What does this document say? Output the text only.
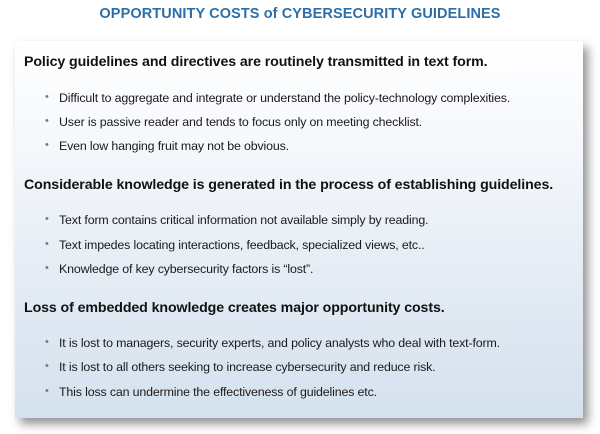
OPPORTUNITY COSTS of CYBERSECURITY GUIDELINES
Policy guidelines and directives are routinely transmitted in text form.
• Difficult to aggregate and integrate or understand the policy-technology complexities.
• User is passive reader and tends to focus only on meeting checklist.
• Even low hanging fruit may not be obvious.
Considerable knowledge is generated in the process of establishing guidelines.
• Text form contains critical information not available simply by reading.
• Text impedes locating interactions, feedback, specialized views, etc..
• Knowledge of key cybersecurity factors is “lost”.
Loss of embedded knowledge creates major opportunity costs.
• It is lost to managers, security experts, and policy analysts who deal with text-form.
• It is lost to all others seeking to increase cybersecurity and reduce risk.
• This loss can undermine the effectiveness of guidelines etc.
